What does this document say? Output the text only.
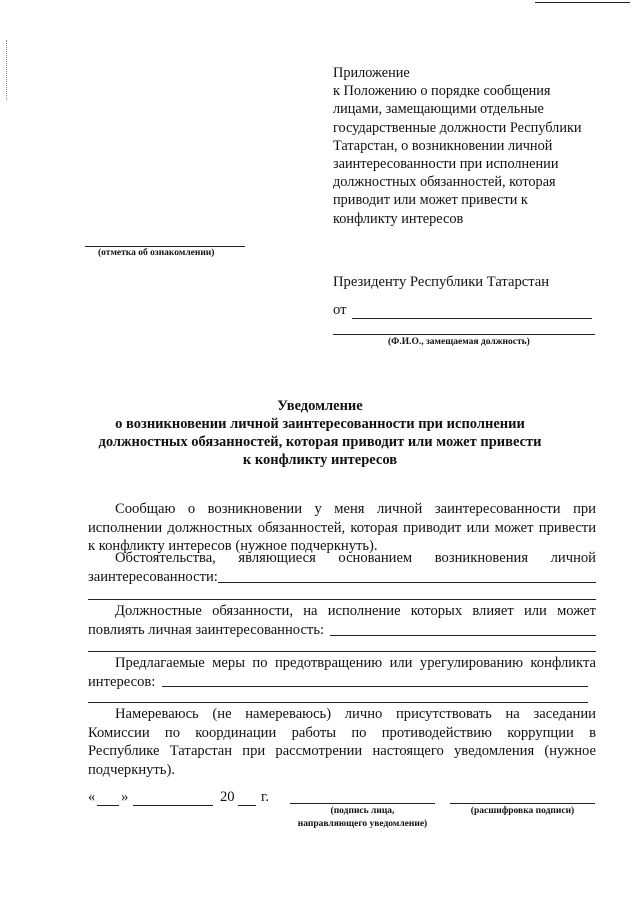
Приложение
к Положению о порядке сообщения
лицами, замещающими отдельные
государственные должности Республики
Татарстан, о возникновении личной
заинтересованности при исполнении
должностных обязанностей, которая
приводит или может привести к
конфликту интересов
(отметка об ознакомлении)
Президенту Республики Татарстан
от
(Ф.И.О., замещаемая должность)
Уведомление
о возникновении личной заинтересованности при исполнении
должностных обязанностей, которая приводит или может привести
к конфликту интересов
Сообщаю о возникновении у меня личной заинтересованности при
исполнении должностных обязанностей, которая приводит или может привести
к конфликту интересов (нужное подчеркнуть).
Обстоятельства, являющиеся основанием возникновения личной
заинтересованности:
Должностные обязанности, на исполнение которых влияет или может
повлиять личная заинтересованность:
Предлагаемые меры по предотвращению или урегулированию конфликта
интересов:
Намереваюсь (не намереваюсь) лично присутствовать на заседании
Комиссии по координации работы по противодействию коррупции в
Республике Татарстан при рассмотрении настоящего уведомления (нужное
подчеркнуть).
« »	20 г.
(подпись лица,
направляющего уведомление)
(расшифровка подписи)
